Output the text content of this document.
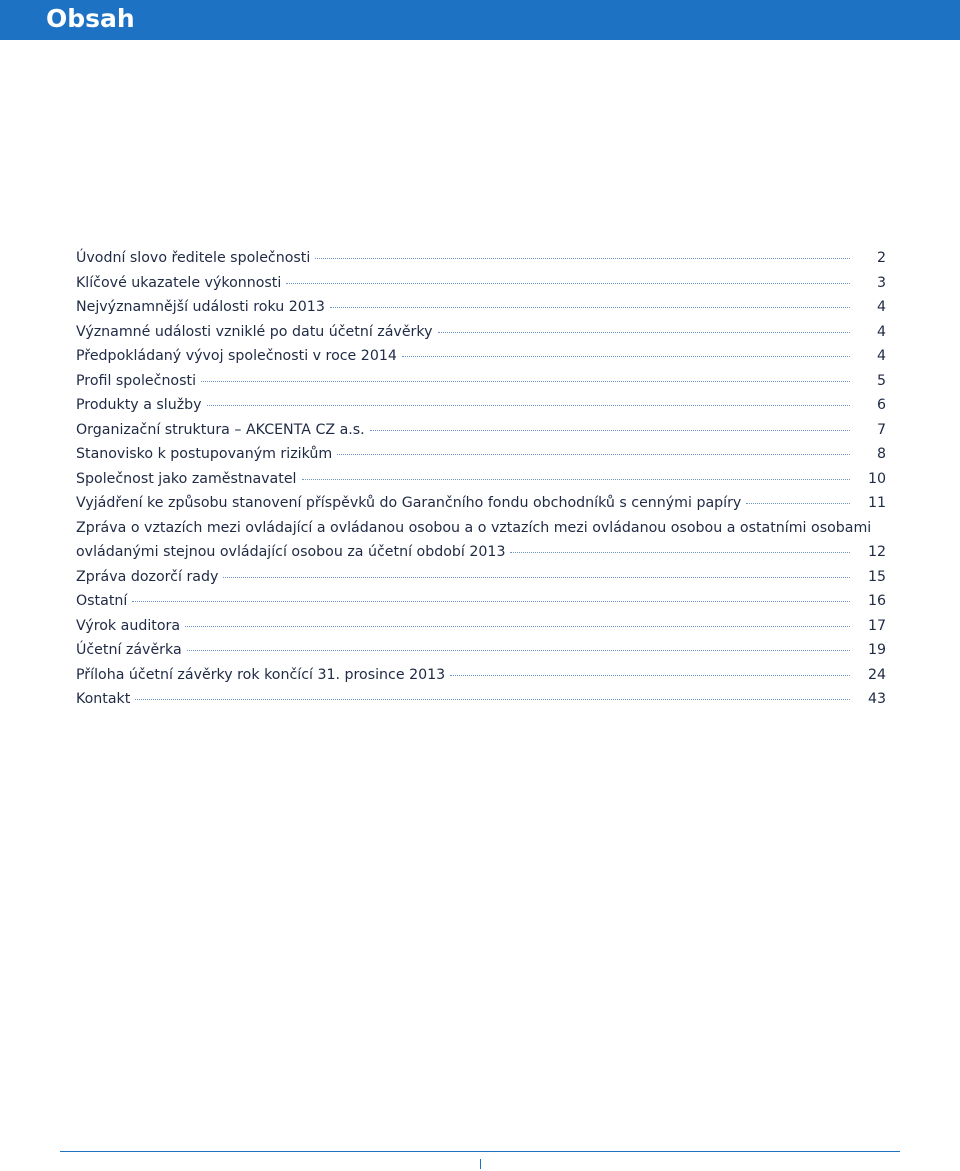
Obsah
Úvodní slovo ředitele společnosti	2
Klíčové ukazatele výkonnosti	3
Nejvýznamnější události roku 2013	4
Významné události vzniklé po datu účetní závěrky	4
Předpokládaný vývoj společnosti v roce 2014	4
Profil společnosti	5
Produkty a služby	6
Organizační struktura – AKCENTA CZ a.s.	7
Stanovisko k postupovaným rizikům	8
Společnost jako zaměstnavatel	10
Vyjádření ke způsobu stanovení příspěvků do Garančního fondu obchodníků s cennými papíry	11
Zpráva o vztazích mezi ovládající a ovládanou osobou a o vztazích mezi ovládanou osobou a ostatními osobami
ovládanými stejnou ovládající osobou za účetní období 2013	12
Zpráva dozorčí rady	15
Ostatní	16
Výrok auditora	17
Účetní závěrka	19
Příloha účetní závěrky rok končící 31. prosince 2013	24
Kontakt	43
